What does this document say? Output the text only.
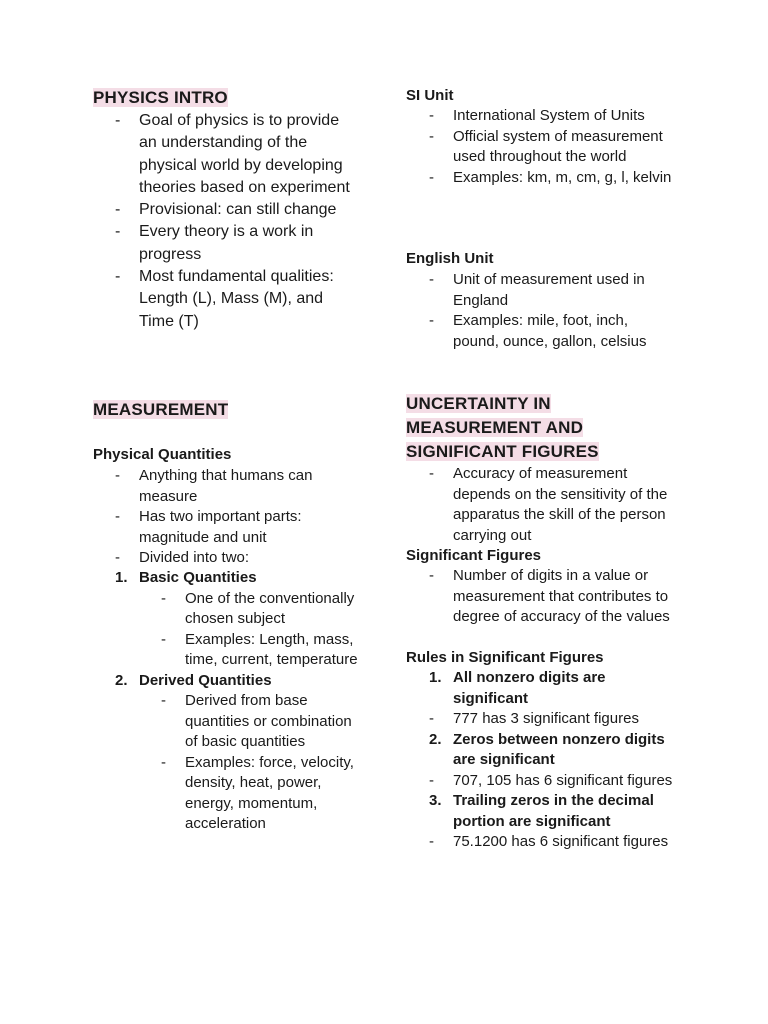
PHYSICS INTRO
- Goal of physics is to provide an understanding of the physical world by developing theories based on experiment
- Provisional: can still change
- Every theory is a work in progress
- Most fundamental qualities: Length (L), Mass (M), and Time (T)
MEASUREMENT
Physical Quantities
- Anything that humans can measure
- Has two important parts: magnitude and unit
- Divided into two:
1. Basic Quantities
- One of the conventionally chosen subject
- Examples: Length, mass, time, current, temperature
2. Derived Quantities
- Derived from base quantities or combination of basic quantities
- Examples: force, velocity, density, heat, power, energy, momentum, acceleration
SI Unit
- International System of Units
- Official system of measurement used throughout the world
- Examples: km, m, cm, g, l, kelvin
English Unit
- Unit of measurement used in England
- Examples: mile, foot, inch, pound, ounce, gallon, celsius
UNCERTAINTY IN
MEASUREMENT AND
SIGNIFICANT FIGURES
- Accuracy of measurement depends on the sensitivity of the apparatus the skill of the person carrying out
Significant Figures
- Number of digits in a value or measurement that contributes to degree of accuracy of the values
Rules in Significant Figures
1. All nonzero digits are significant
- 777 has 3 significant figures
2. Zeros between nonzero digits are significant
- 707, 105 has 6 significant figures
3. Trailing zeros in the decimal portion are significant
- 75.1200 has 6 significant figures
